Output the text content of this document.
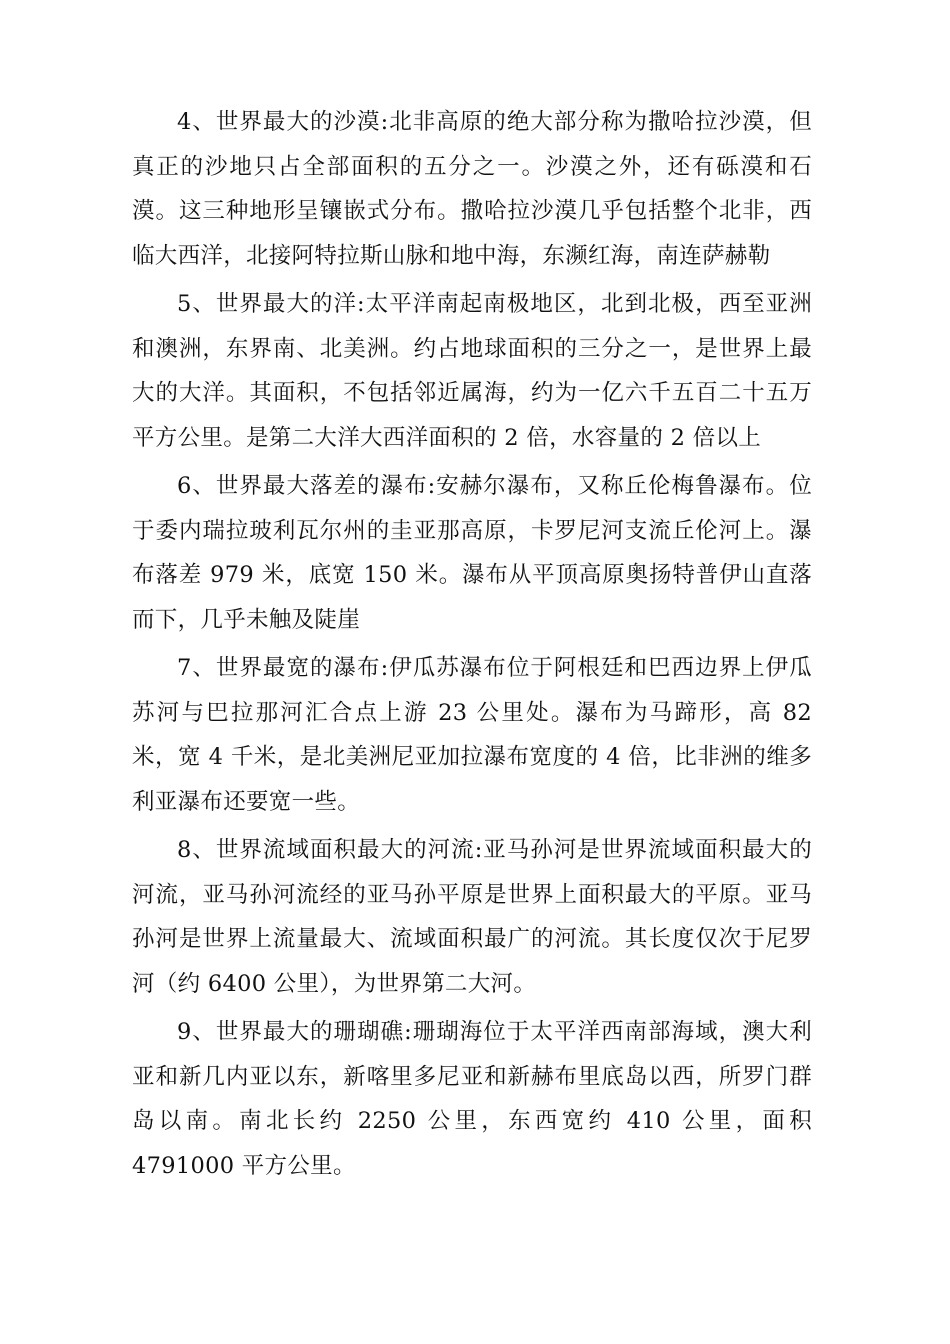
4、世界最大的沙漠:北非高原的绝大部分称为撒哈拉沙漠，但真正的沙地只占全部面积的五分之一。沙漠之外，还有砾漠和石漠。这三种地形呈镶嵌式分布。撒哈拉沙漠几乎包括整个北非，西临大西洋，北接阿特拉斯山脉和地中海，东濒红海，南连萨赫勒

5、世界最大的洋:太平洋南起南极地区，北到北极，西至亚洲和澳洲，东界南、北美洲。约占地球面积的三分之一，是世界上最大的大洋。其面积，不包括邻近属海，约为一亿六千五百二十五万平方公里。是第二大洋大西洋面积的 2 倍，水容量的 2 倍以上

6、世界最大落差的瀑布:安赫尔瀑布，又称丘伦梅鲁瀑布。位于委内瑞拉玻利瓦尔州的圭亚那高原，卡罗尼河支流丘伦河上。瀑布落差 979 米，底宽 150 米。瀑布从平顶高原奥扬特普伊山直落而下，几乎未触及陡崖

7、世界最宽的瀑布:伊瓜苏瀑布位于阿根廷和巴西边界上伊瓜苏河与巴拉那河汇合点上游 23 公里处。瀑布为马蹄形，高 82 米，宽 4 千米，是北美洲尼亚加拉瀑布宽度的 4 倍，比非洲的维多利亚瀑布还要宽一些。

8、世界流域面积最大的河流:亚马孙河是世界流域面积最大的河流，亚马孙河流经的亚马孙平原是世界上面积最大的平原。亚马孙河是世界上流量最大、流域面积最广的河流。其长度仅次于尼罗河（约 6400 公里），为世界第二大河。

9、世界最大的珊瑚礁:珊瑚海位于太平洋西南部海域，澳大利亚和新几内亚以东，新喀里多尼亚和新赫布里底岛以西，所罗门群岛以南。南北长约 2250 公里，东西宽约 410 公里，面积 4791000 平方公里。
